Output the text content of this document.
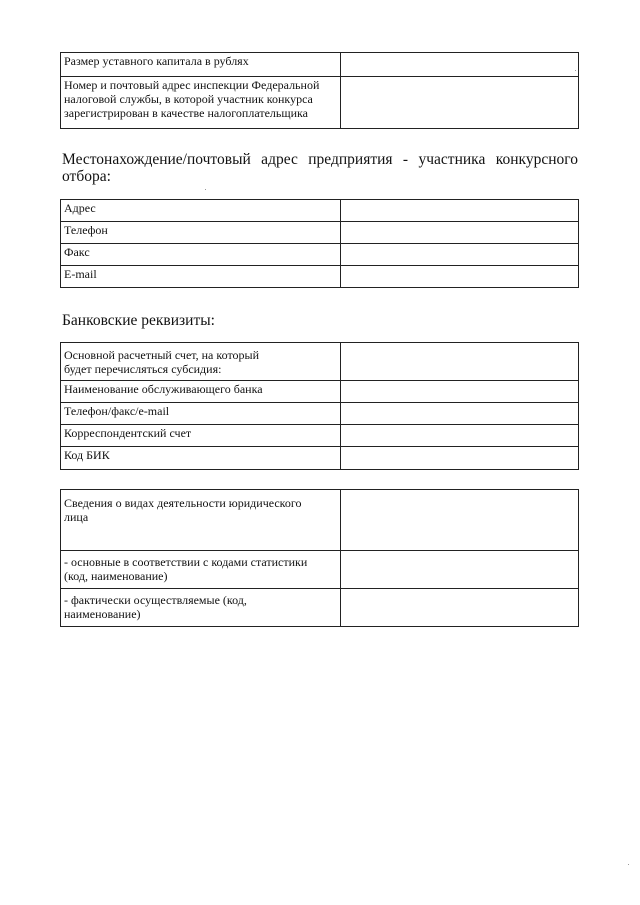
Размер уставного капитала в рублях	

Номер и почтовый адрес инспекции Федеральной
налоговой службы, в которой участник конкурса
зарегистрирован в качестве налогоплательщика	

Местонахождение/почтовый адрес предприятия - участника конкурсного
отбора:
Адрес	

Телефон	

Факс	

E-mail	

Банковские реквизиты:
Основной расчетный счет, на который
будет перечисляться субсидия:	

Наименование обслуживающего банка	

Телефон/факс/e-mail	

Корреспондентский счет	

Код БИК	

Сведения о видах деятельности юридического
лица	

- основные в соответствии с кодами статистики
(код, наименование)	

- фактически осуществляемые (код,
наименование)	
